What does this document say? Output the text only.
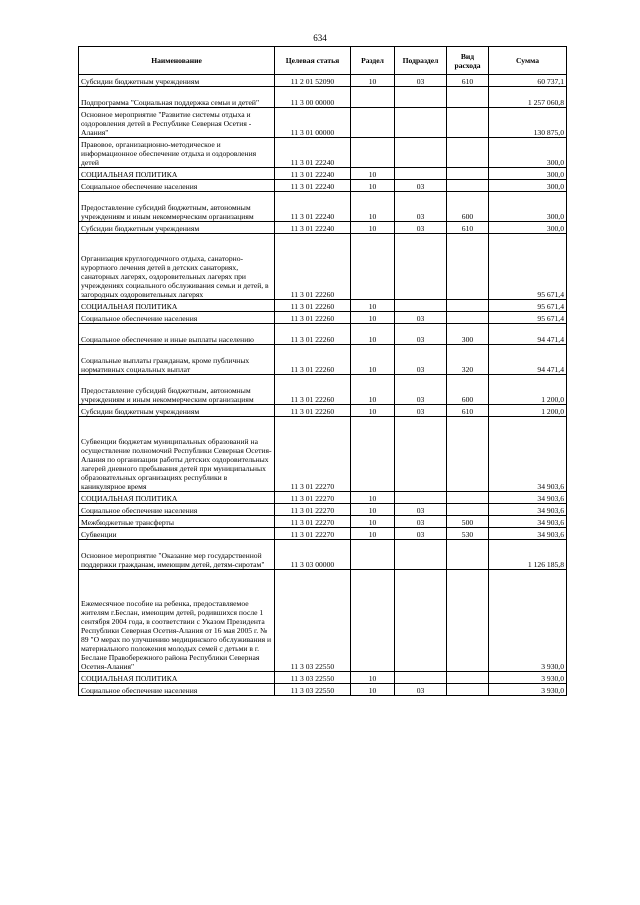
634
Наименование	Целевая статья	Раздел	Подраздел	Вид расхода	Сумма
Субсидии бюджетным учреждениям	11 2 01 52090	10	03	610	60 737,1
Подпрограмма "Социальная поддержка семьи и детей"	11 3 00 00000				1 257 060,8
Основное мероприятие "Развитие системы отдыха и оздоровления детей в Республике Северная Осетия - Алания"	11 3 01 00000				130 875,0
Правовое, организационно-методическое и информационное обеспечение отдыха и оздоровления детей	11 3 01 22240				300,0
СОЦИАЛЬНАЯ ПОЛИТИКА	11 3 01 22240	10			300,0
Социальное обеспечение населения	11 3 01 22240	10	03		300,0
Предоставление субсидий бюджетным, автономным учреждениям и иным некоммерческим организациям	11 3 01 22240	10	03	600	300,0
Субсидии бюджетным учреждениям	11 3 01 22240	10	03	610	300,0
Организация круглогодичного отдыха, санаторно-курортного лечения детей в детских санаториях, санаторных лагерях, оздоровительных лагерях при учреждениях социального обслуживания семьи и детей, в загородных оздоровительных лагерях	11 3 01 22260				95 671,4
СОЦИАЛЬНАЯ ПОЛИТИКА	11 3 01 22260	10			95 671,4
Социальное обеспечение населения	11 3 01 22260	10	03		95 671,4
Социальное обеспечение и иные выплаты населению	11 3 01 22260	10	03	300	94 471,4
Социальные выплаты гражданам, кроме публичных нормативных социальных выплат	11 3 01 22260	10	03	320	94 471,4
Предоставление субсидий бюджетным, автономным учреждениям и иным некоммерческим организациям	11 3 01 22260	10	03	600	1 200,0
Субсидии бюджетным учреждениям	11 3 01 22260	10	03	610	1 200,0
Субвенции бюджетам муниципальных образований на осуществление полномочий Республики Северная Осетия-Алания по организации работы детских оздоровительных лагерей дневного пребывания детей при муниципальных образовательных организациях республики в каникулярное время	11 3 01 22270				34 903,6
СОЦИАЛЬНАЯ ПОЛИТИКА	11 3 01 22270	10			34 903,6
Социальное обеспечение населения	11 3 01 22270	10	03		34 903,6
Межбюджетные трансферты	11 3 01 22270	10	03	500	34 903,6
Субвенции	11 3 01 22270	10	03	530	34 903,6
Основное мероприятие "Оказание мер государственной поддержки гражданам, имеющим детей, детям-сиротам"	11 3 03 00000				1 126 185,8
Ежемесячное пособие на ребенка, предоставляемое жителям г.Беслан, имеющим детей, родившихся после 1 сентября 2004 года, в соответствии с Указом Президента Республики Северная Осетия-Алания от 16 мая 2005 г. № 89 "О мерах по улучшению медицинского обслуживания и материального положения молодых семей с детьми в г. Беслане Правобережного района Республики Северная Осетия-Алания"	11 3 03 22550				3 930,0
СОЦИАЛЬНАЯ ПОЛИТИКА	11 3 03 22550	10			3 930,0
Социальное обеспечение населения	11 3 03 22550	10	03		3 930,0
